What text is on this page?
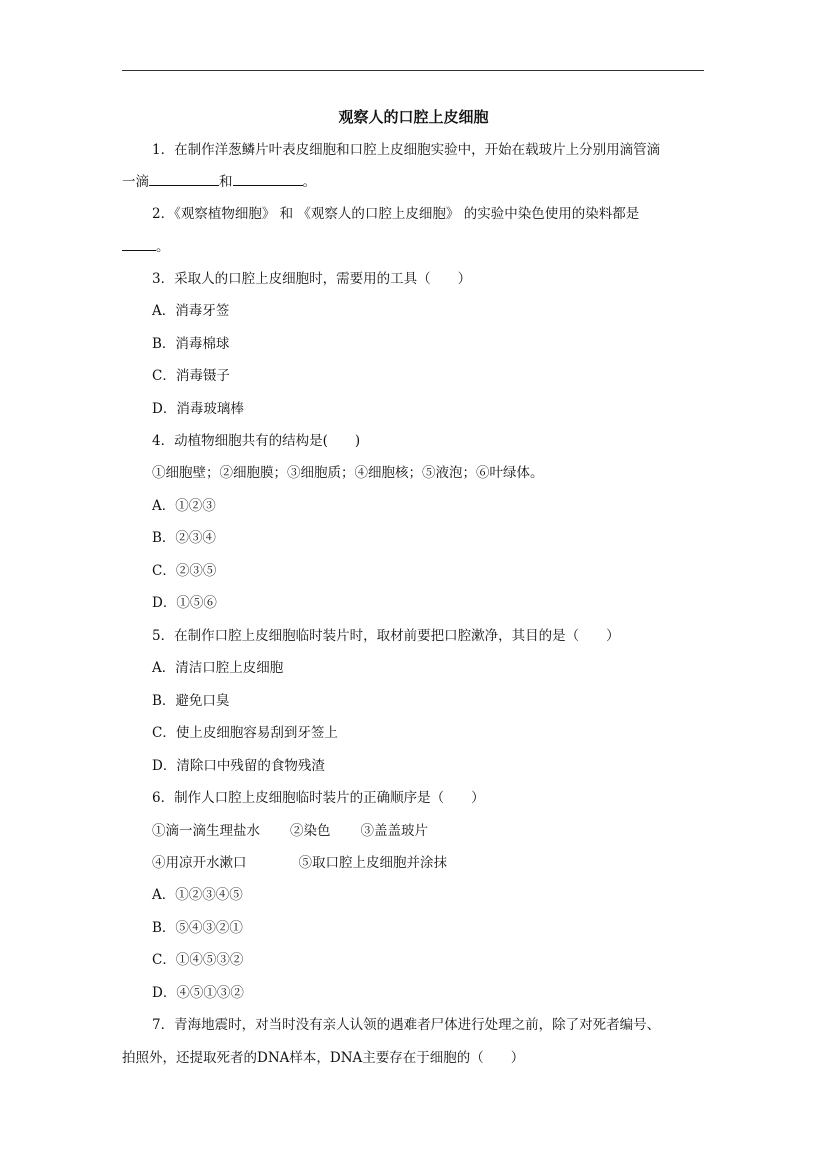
观察人的口腔上皮细胞
1．在制作洋葱鳞片叶表皮细胞和口腔上皮细胞实验中，开始在载玻片上分别用滴管滴
一滴	和	。
2．《观察植物细胞》 和 《观察人的口腔上皮细胞》 的实验中染色使用的染料都是
。
3．采取人的口腔上皮细胞时，需要用的工具（　　）
A．消毒牙签
B．消毒棉球
C．消毒镊子
D．消毒玻璃棒
4．动植物细胞共有的结构是(　　)
①细胞壁；②细胞膜；③细胞质；④细胞核；⑤液泡；⑥叶绿体。
A．①②③
B．②③④
C．②③⑤
D．①⑤⑥
5．在制作口腔上皮细胞临时装片时，取材前要把口腔漱净，其目的是（　　）
A．清洁口腔上皮细胞
B．避免口臭
C．使上皮细胞容易刮到牙签上
D．清除口中残留的食物残渣
6．制作人口腔上皮细胞临时装片的正确顺序是（　　）
①滴一滴生理盐水 ②染色 ③盖盖玻片
④用凉开水漱口	⑤取口腔上皮细胞并涂抹
A．①②③④⑤
B．⑤④③②①
C．①④⑤③②
D．④⑤①③②
7．青海地震时，对当时没有亲人认领的遇难者尸体进行处理之前，除了对死者编号、
拍照外，还提取死者的DNA样本，DNA主要存在于细胞的（　　）
